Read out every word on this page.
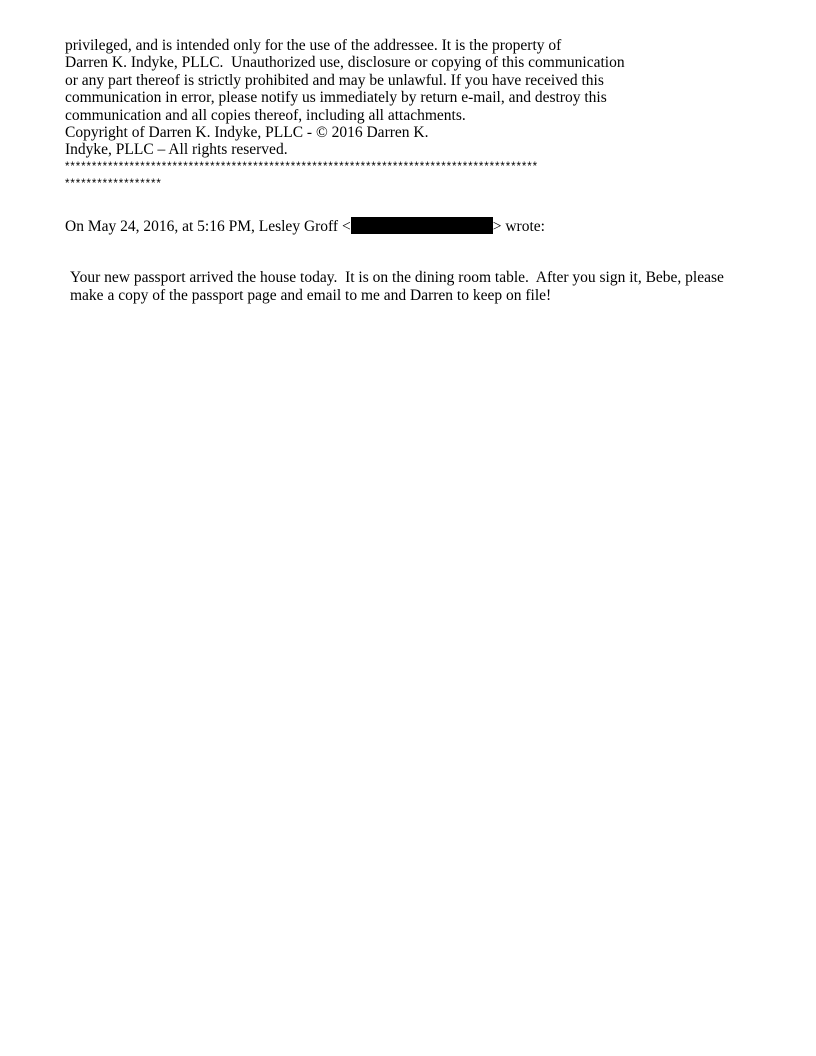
privileged, and is intended only for the use of the addressee. It is the property of
Darren K. Indyke, PLLC.  Unauthorized use, disclosure or copying of this communication
or any part thereof is strictly prohibited and may be unlawful. If you have received this
communication in error, please notify us immediately by return e-mail, and destroy this
communication and all copies thereof, including all attachments.
Copyright of Darren K. Indyke, PLLC - © 2016 Darren K.
Indyke, PLLC – All rights reserved.
****************************************************************************************
******************
On May 24, 2016, at 5:16 PM, Lesley Groff <	> wrote:
Your new passport arrived the house today.  It is on the dining room table.  After you sign it, Bebe, please
make a copy of the passport page and email to me and Darren to keep on file!
